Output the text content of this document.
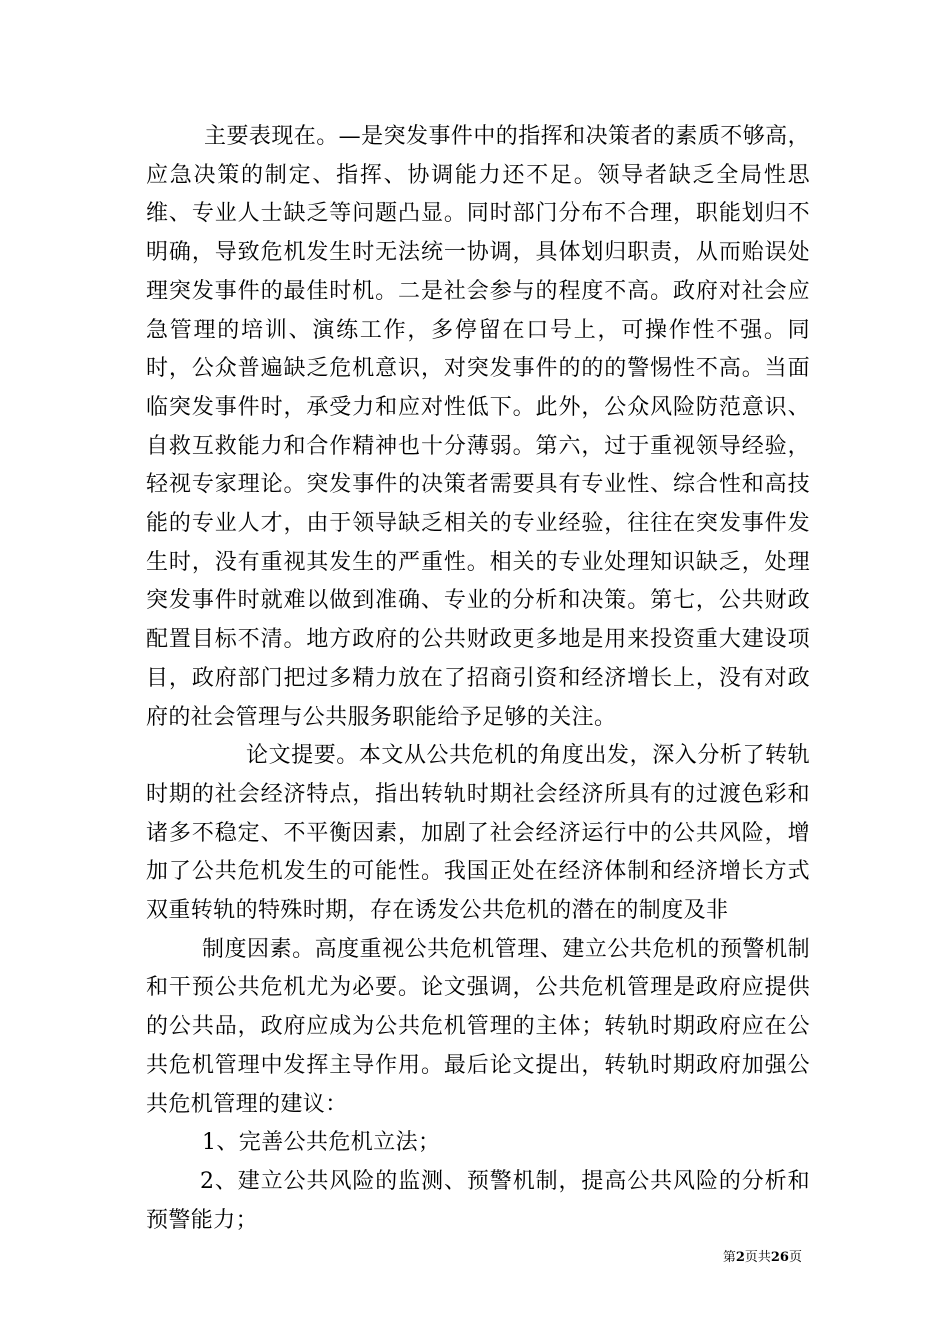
主要表现在。—是突发事件中的指挥和决策者的素质不够高，应急决策的制定、指挥、协调能力还不足。领导者缺乏全局性思维、专业人士缺乏等问题凸显。同时部门分布不合理，职能划归不明确，导致危机发生时无法统一协调，具体划归职责，从而贻误处理突发事件的最佳时机。二是社会参与的程度不高。政府对社会应急管理的培训、演练工作，多停留在口号上，可操作性不强。同时，公众普遍缺乏危机意识，对突发事件的的的警惕性不高。当面临突发事件时，承受力和应对性低下。此外，公众风险防范意识、自救互救能力和合作精神也十分薄弱。第六，过于重视领导经验，轻视专家理论。突发事件的决策者需要具有专业性、综合性和高技能的专业人才，由于领导缺乏相关的专业经验，往往在突发事件发生时，没有重视其发生的严重性。相关的专业处理知识缺乏，处理突发事件时就难以做到准确、专业的分析和决策。第七，公共财政配置目标不清。地方政府的公共财政更多地是用来投资重大建设项目，政府部门把过多精力放在了招商引资和经济增长上，没有对政府的社会管理与公共服务职能给予足够的关注。

论文提要。本文从公共危机的角度出发，深入分析了转轨时期的社会经济特点，指出转轨时期社会经济所具有的过渡色彩和诸多不稳定、不平衡因素，加剧了社会经济运行中的公共风险，增加了公共危机发生的可能性。我国正处在经济体制和经济增长方式双重转轨的特殊时期，存在诱发公共危机的潜在的制度及非

制度因素。高度重视公共危机管理、建立公共危机的预警机制和干预公共危机尤为必要。论文强调，公共危机管理是政府应提供的公共品，政府应成为公共危机管理的主体；转轨时期政府应在公共危机管理中发挥主导作用。最后论文提出，转轨时期政府加强公共危机管理的建议：

1、完善公共危机立法；

2、建立公共风险的监测、预警机制，提高公共风险的分析和预警能力；

第2页共26页
